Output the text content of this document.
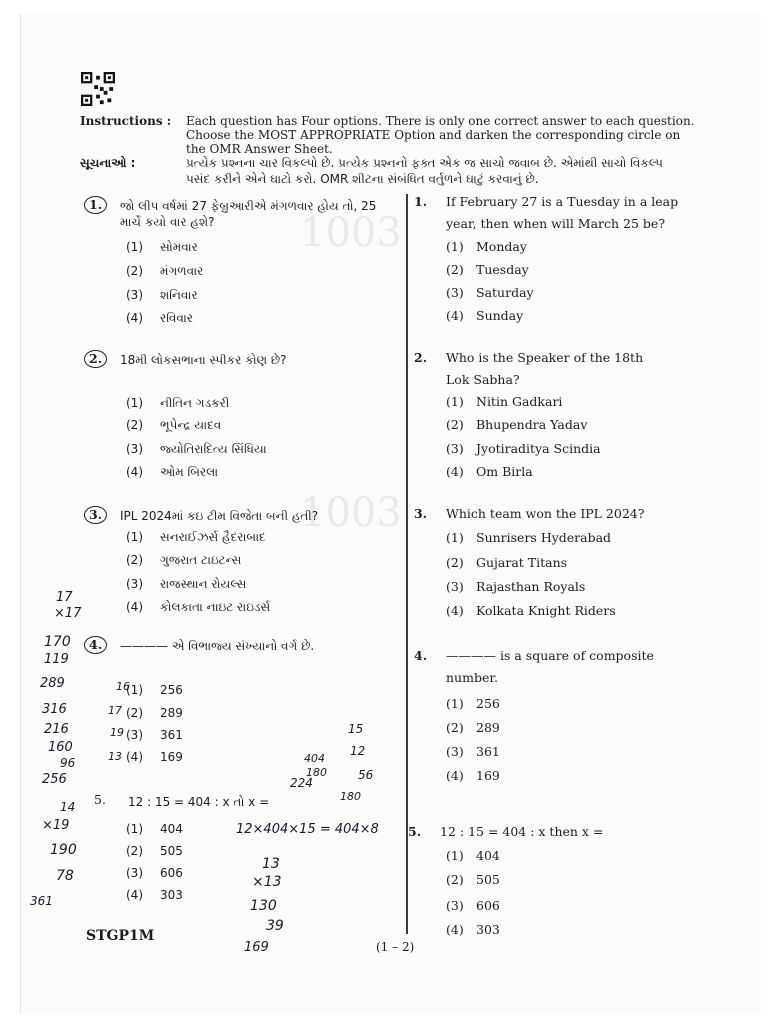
1003
1003
Instructions : Each question has Four options. There is only one correct answer to each question.
Choose the MOST APPROPRIATE Option and darken the corresponding circle on
the OMR Answer Sheet.
સૂચનાઓ :	પ્રત્યેક પ્રશ્નના ચાર વિકલ્પો છે. પ્રત્યેક પ્રશ્નનો ફક્ત એક જ સાચો જવાબ છે. એમાંથી સાચો વિકલ્પ
પસંદ કરીને એને ઘાટો કરો. OMR શીટના સંબંધિત વર્તુળને ઘાટું કરવાનું છે.
1.	જો લીપ વર્ષમાં 27 ફેબ્રુઆરીએ મંગળવાર હોય તો, 25 માર્ચે કયો વાર હશે?
(1) સોમવાર
(2) મંગળવાર
(3) શનિવાર
(4) રવિવાર
2.	18મી લોકસભાના સ્પીકર કોણ છે?
(1) નીતિન ગડકરી
(2) ભૂપેન્દ્ર યાદવ
(3) જ્યોતિરાદિત્ય સિંધિયા
(4) ઓમ બિરલા
3.	IPL 2024માં કઇ ટીમ વિજેતા બની હતી?
(1) સનરાઈઝર્સ હૈદરાબાદ
(2) ગુજરાત ટાઇટન્સ
(3) રાજસ્થાન રોયલ્સ
(4) કોલકાતા નાઇટ રાઇડર્સ
4.	———— એ વિભાજ્ય સંખ્યાનો વર્ગ છે.
(1) 256
(2) 289
(3) 361
(4) 169
5. 12 : 15 = 404 : x તો x =
(1) 404
(2) 505
(3) 606
(4) 303
1. If February 27 is a Tuesday in a leap
year, then when will March 25 be?
(1) Monday
(2) Tuesday
(3) Saturday
(4) Sunday
2. Who is the Speaker of the 18th
Lok Sabha?
(1) Nitin Gadkari
(2) Bhupendra Yadav
(3) Jyotiraditya Scindia
(4) Om Birla
3. Which team won the IPL 2024?
(1) Sunrisers Hyderabad
(2) Gujarat Titans
(3) Rajasthan Royals
(4) Kolkata Knight Riders
4. ———— is a square of composite
number.
(1) 256
(2) 289
(3) 361
(4) 169
5. 12 : 15 = 404 : x then x =
(1) 404
(2) 505
(3) 606
(4) 303
12×404×15 = 404×8
13
×13
130
39
169
16
17
19
13
17
×17
170
119
289
316
216
160
96
256
14
×19
190
78
361
15
12
404
180
224
56
180
STGP1M
(1 – 2)
